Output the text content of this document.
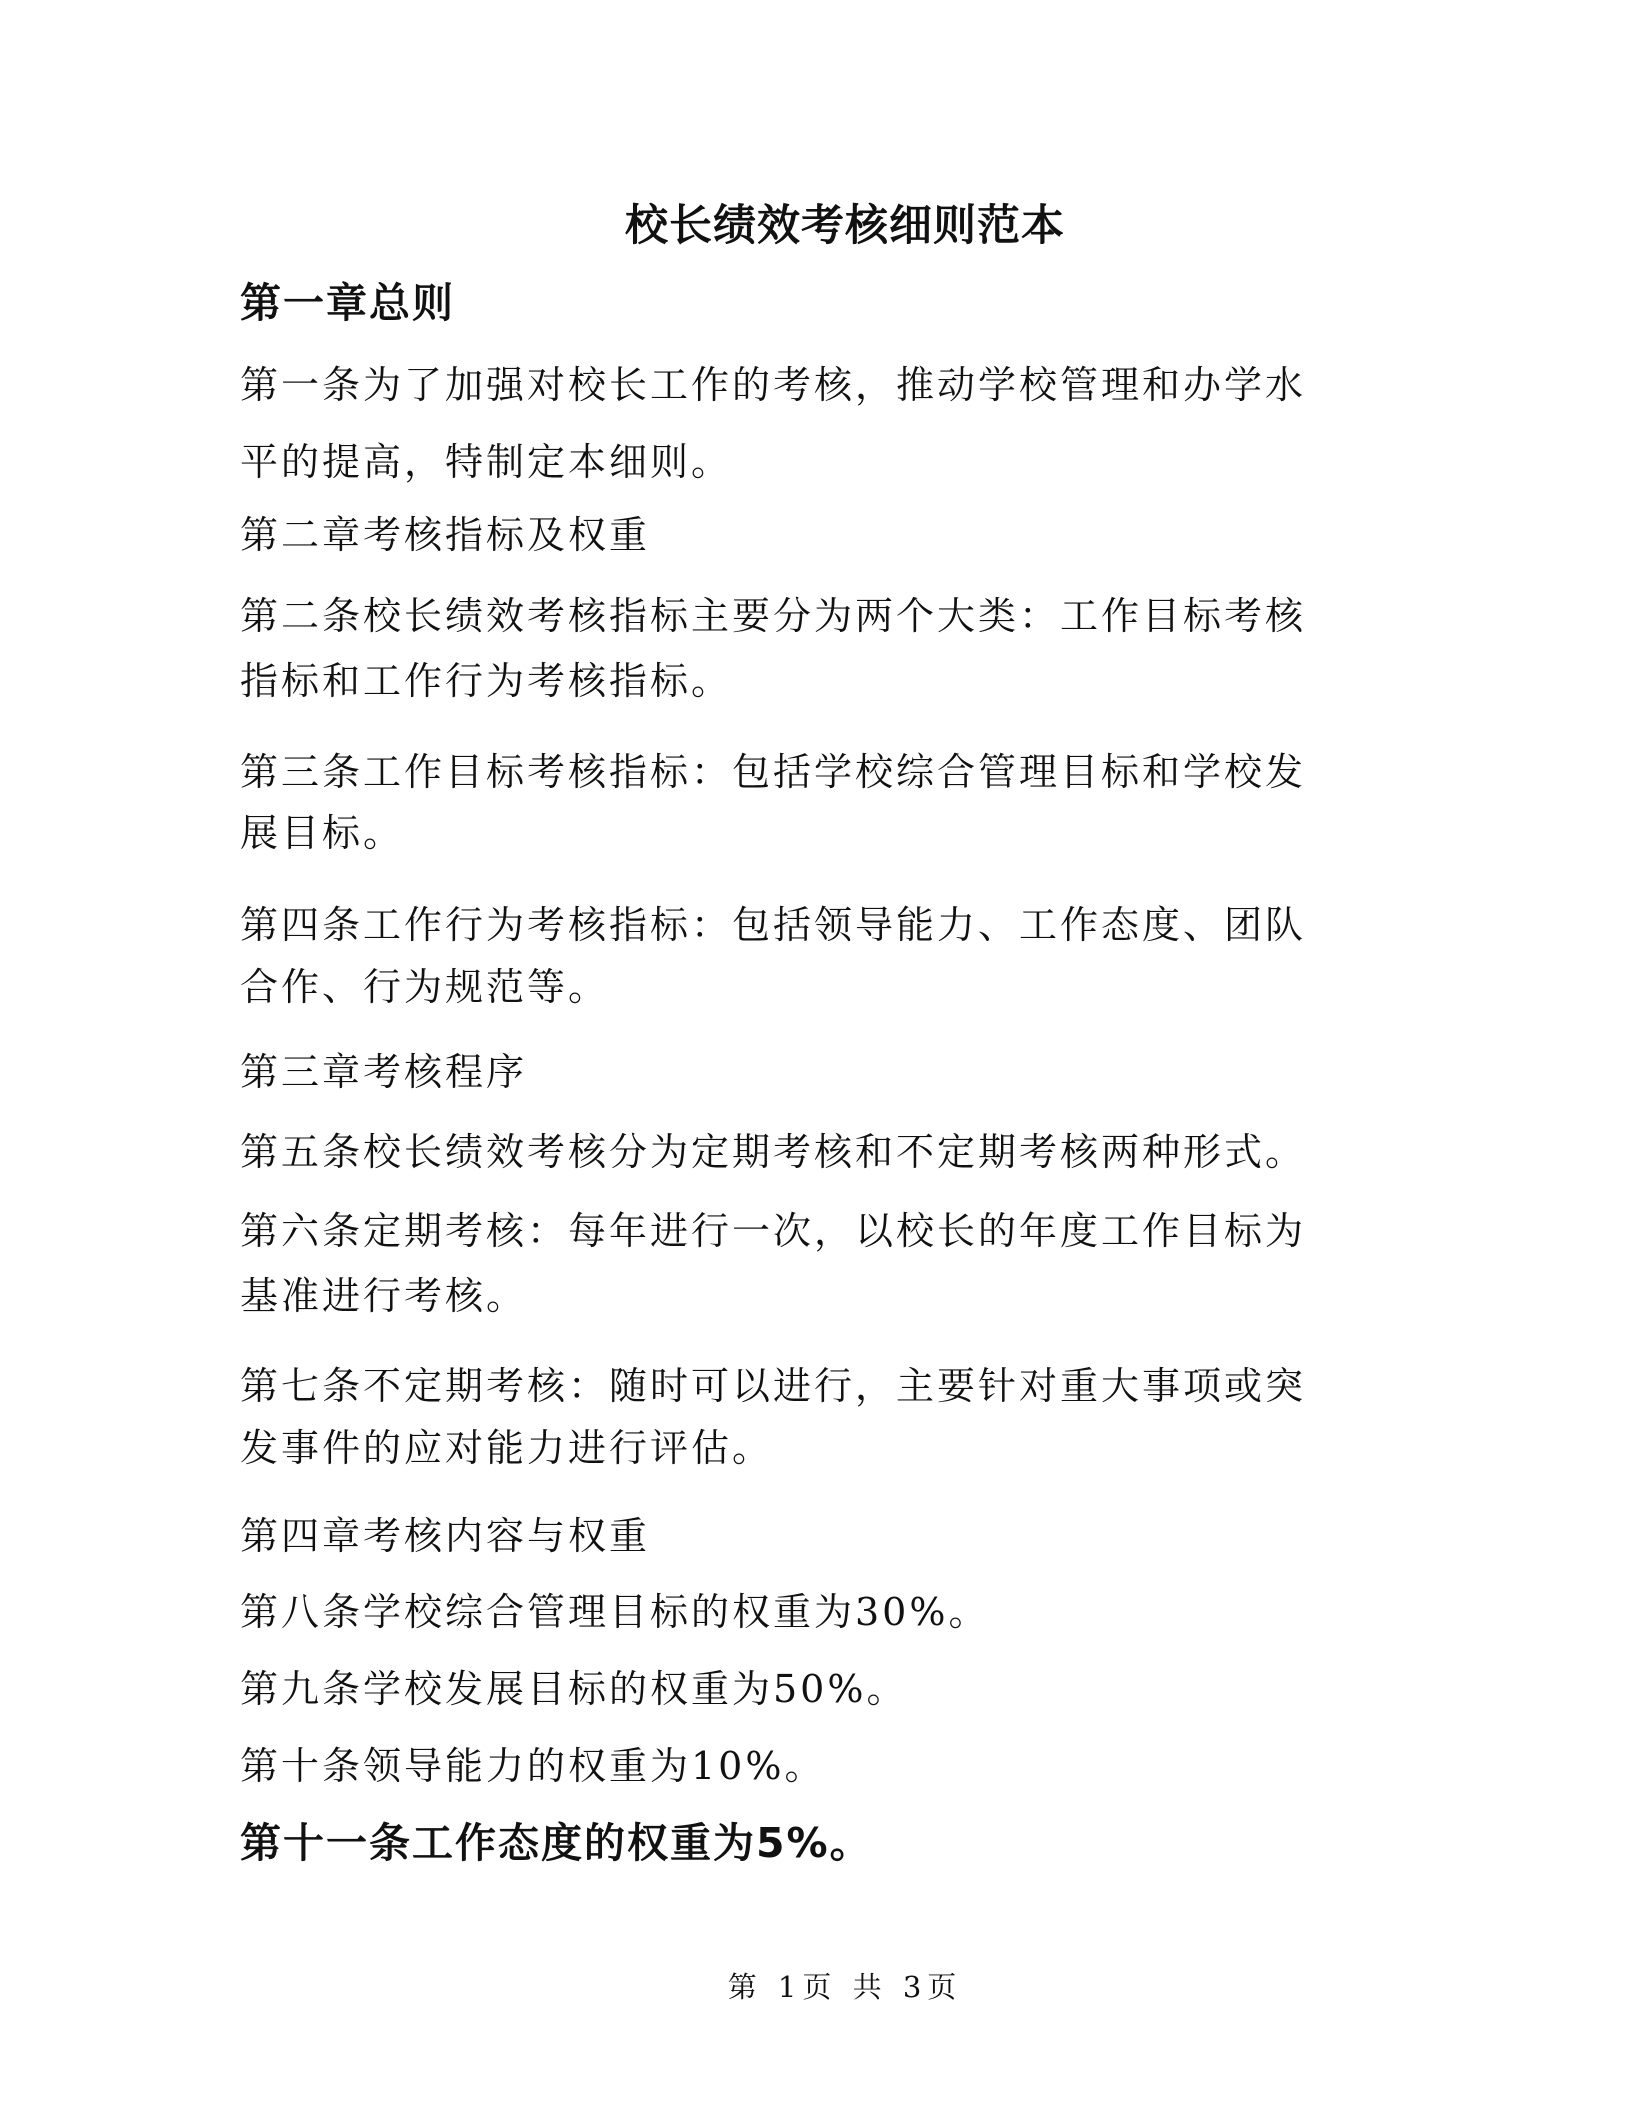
校长绩效考核细则范本
第一章总则
第一条为了加强对校长工作的考核，推动学校管理和办学水
平的提高，特制定本细则。
第二章考核指标及权重
第二条校长绩效考核指标主要分为两个大类：工作目标考核
指标和工作行为考核指标。
第三条工作目标考核指标：包括学校综合管理目标和学校发
展目标。
第四条工作行为考核指标：包括领导能力、工作态度、团队
合作、行为规范等。
第三章考核程序
第五条校长绩效考核分为定期考核和不定期考核两种形式。
第六条定期考核：每年进行一次，以校长的年度工作目标为
基准进行考核。
第七条不定期考核：随时可以进行，主要针对重大事项或突
发事件的应对能力进行评估。
第四章考核内容与权重
第八条学校综合管理目标的权重为30%。
第九条学校发展目标的权重为50%。
第十条领导能力的权重为10%。
第十一条工作态度的权重为5%。
第 1页 共 3页
